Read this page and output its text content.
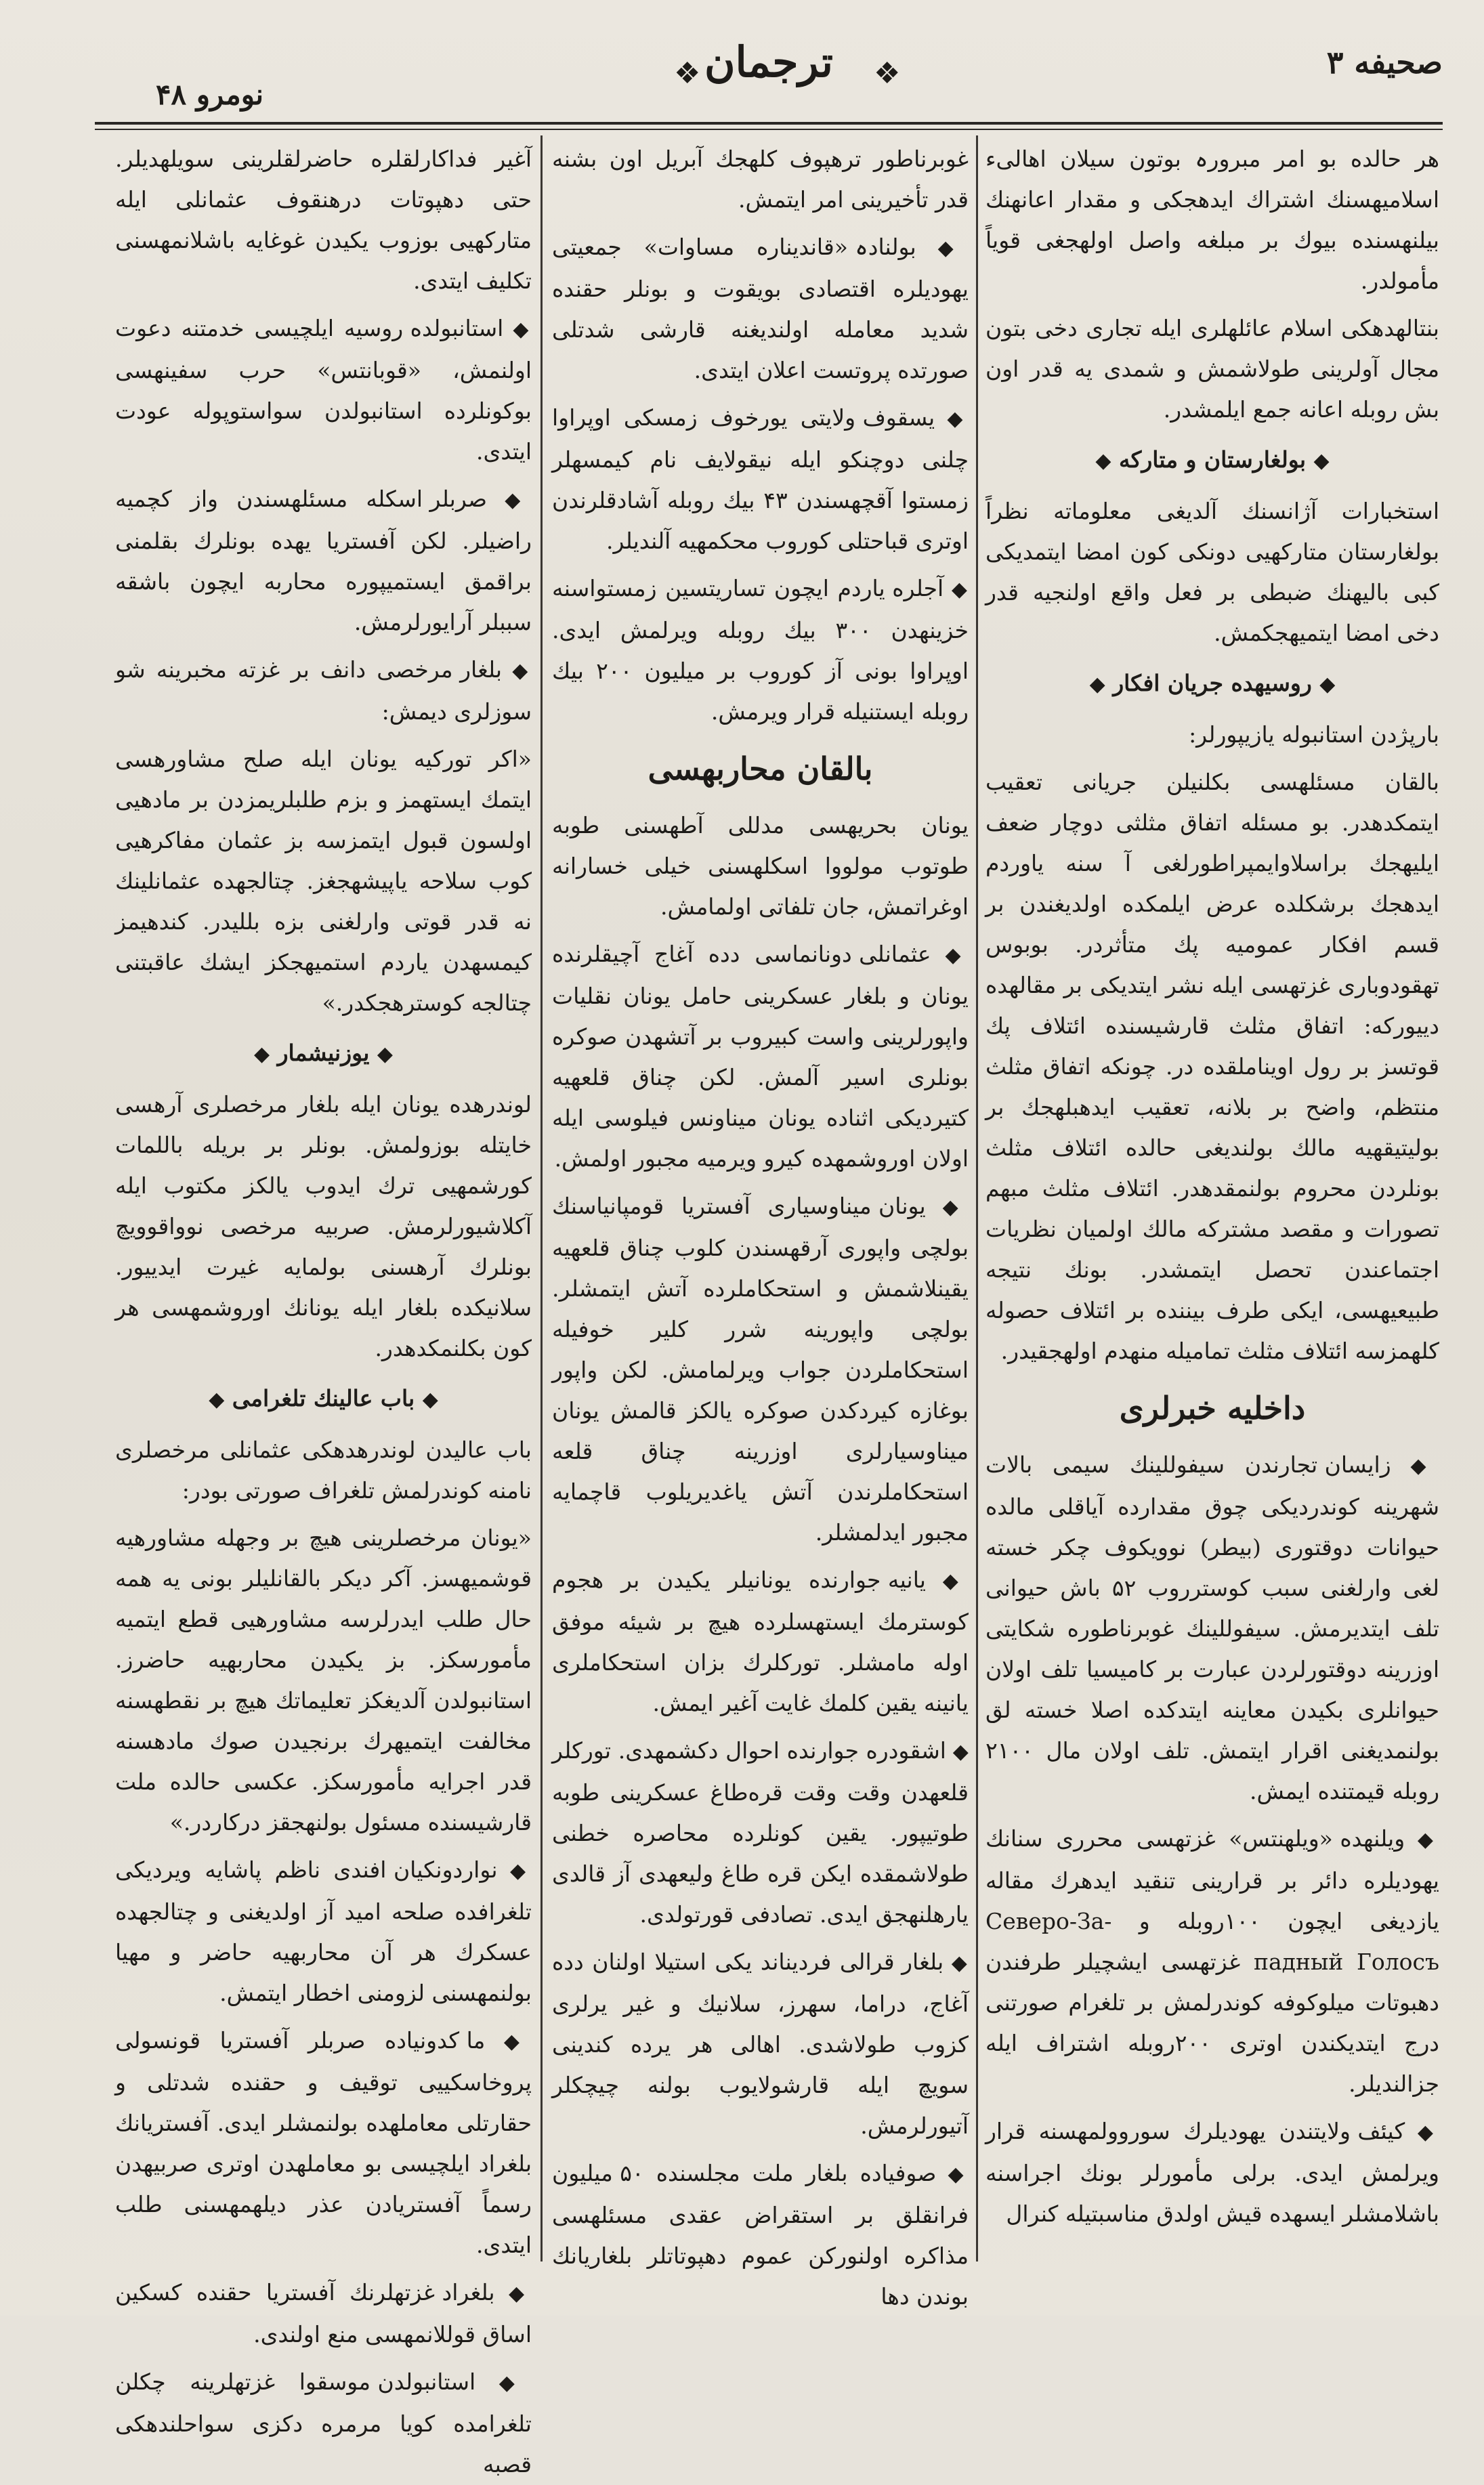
صحیفه ۳
❖ ترجمان	❖
نومرو ۴۸

هر حالده بو امر مبرورہ بوتون سیلان اهالیء اسلامیهسنك اشتراك ایدهجکی و مقدار اعانهنك بیلنهسنده بیوك بر مبلغه واصل اولهجغی قویاً مأمولدر.

بنتالهدهکی اسلام عائلهلری ایله تجاری دخی بتون مجال آولرینی طولاشمش و شمدی یه قدر اون بش روبله اعانه جمع ایلمشدر.

◆ بولغارستان و متارکه ◆

استخبارات آژانسنك آلدیغی معلوماته نظراً بولغارستان متارکهیی دونکی کون امضا ایتمدیکی کبی بالیهنك ضبطی بر فعل واقع اولنجیه قدر دخی امضا ایتمیهجکمش.

◆ روسیهده جریان افکار ◆

بارپژدن استانبوله یازیپورلر:

بالقان مسئلهسی بکلنیلن جریانی تعقیب ایتمکدهدر. بو مسئله اتفاق مثلثی دوچار ضعف ایلیهجك براسلاوایمپراطورلغی آ سنه یاوردم ایدهجك برشکلده عرض ایلمکده اولدیغندن بر قسم افکار عمومیه پك متأثردر. بوبوس تهقودوباری غزتهسی ایله نشر ایتدیکی بر مقالهده دییورکه: اتفاق مثلث قارشیسنده ائتلاف پك قوتسز بر رول اویناملقده در. چونکه اتفاق مثلث منتظم، واضح بر بلانه، تعقیب ایدهبلهجك بر بولیتیقهیه مالك بولندیغی حالده ائتلاف مثلث بونلردن محروم بولنمقدهدر. ائتلاف مثلث مبهم تصورات و مقصد مشترکه مالك اولمیان نظریات اجتماعندن تحصل ایتمشدر. بونك نتیجه طبیعیهسی، ایکی طرف بیننده بر ائتلاف حصوله کلهمزسه ائتلاف مثلث تمامیله منهدم اولهجقیدر.

داخلیه خبرلری

◆ زایسان تجارندن سیفوللینك سیمی بالات شهرینه کوندردیکی چوق مقدارده آیاقلی مالده حیوانات دوقتوری (بیطر) نوویکوف چکر خسته لغی وارلغنی سبب کوسترروب ۵۲ باش حیوانی تلف ایتدیرمش. سیفوللینك غوبرناطوره شکایتی اوزرینه دوقتورلردن عبارت بر کامیسیا تلف اولان حیوانلری بکیدن معاینه ایتدکده اصلا خسته لق بولنمدیغنی اقرار ایتمش. تلف اولان مال ۲۱۰۰ روبله قیمتنده ایمش.

◆ ویلنهده «ویلهنتس» غزتهسی محرری سنانك یهودیلره دائر بر قرارینی تنقید ایدهرك مقاله یازدیغی ایچون ۱۰۰روبله و Северо-За- падный Голосъ غزتهسی ایشچیلر طرفندن دهبوتات میلوکوفه کوندرلمش بر تلغرام صورتنی درج ایتدیکندن اوتری ۲۰۰روبله اشتراف ایله جزالندیلر.

◆ کیئف ولایتندن یهودیلرك سوروولمهسنه قرار ویرلمش ایدی. برلی مأمورلر بونك اجراسنه باشلامشلر ایسهده قیش اولدق مناسبتیله کنرال

غوبرناطور ترهپوف کلهجك آبریل اون بشنه قدر تأخیرینی امر ایتمش.

◆ بولنادہ «قاندیناره مساوات» جمعیتی یهودیلره اقتصادی بویقوت و بونلر حقنده شدید معامله اولندیغنه قارشی شدتلی صورتده پروتست اعلان ایتدی.

◆ یسقوف ولایتی یورخوف زمسکی اوپراوا چلنی دوچنکو ایله نیقولایف نام کیمسهلر زمستوا آقچهسندن ۴۳ بیك روبله آشادقلرندن اوتری قباحتلی کوروب محکمهیه آلندیلر.

◆ آجلره یاردم ایچون تساریتسین زمستواسنه خزینهدن ۳۰۰ بیك روبله ویرلمش ایدی. اوپراوا بونی آز کوروب بر میلیون ۲۰۰ بیك روبله ایستنیله قرار ویرمش.

بالقان محاربهسی

یونان بحریهسی مدللی آطهسنی طوبه طوتوب مولووا اسکلهسنی خیلی خسارانه اوغراتمش، جان تلفاتی اولمامش.

◆ عثمانلی دونانماسی دده آغاج آچیقلرنده یونان و بلغار عسکرینی حامل یونان نقلیات واپورلرینی واست کبیروب بر آتشهدن صوکره بونلری اسیر آلمش. لکن چناق قلعهیه کتیردیکی اثناده یونان میناونس فیلوسی ایله اولان اوروشمهده کیرو ویرمیه مجبور اولمش.

◆ یونان میناوسیاری آفستریا قومپانیاسنك بولچی واپوری آرقهسندن کلوب چناق قلعهیه یقینلاشمش و استحکاملرده آتش ایتمشلر. بولچی واپورینه شرر کلیر خوفیله استحکاملردن جواب ویرلمامش. لکن واپور بوغازه کیردکدن صوکره یالکز قالمش یونان میناوسیارلری اوزرینه چناق قلعه استحکاملرندن آتش یاغدیریلوب قاچمایه مجبور ایدلمشلر.

◆ یانیه جوارنده یونانیلر یکیدن بر هجوم کوسترمك ایستهسلرده هیچ بر شیئه موفق اوله مامشلر. تورکلرك بزان استحکاملری یانینه یقین کلمك غایت آغیر ایمش.

◆ اشقودره جوارنده احوال دکشمهدی. تورکلر قلعهدن وقت وقت قره‌طاغ عسکرینی طوبه طوتیپور. یقین کونلرده محاصره خطنی طولاشمقده ایکن قره طاغ ولیعهدی آز قالدی یارهلنهجق ایدی. تصادفی قورتولدی.

◆ بلغار قرالی فردیناند یکی استیلا اولنان دده آغاج، دراما، سهرز، سلانیك و غیر یرلری کزوب طولاشدی. اهالی هر یرده کندینی سویچ ایله قارشولایوب بولنه چیچکلر آتیورلرمش.

◆ صوفیاده بلغار ملت مجلسنده ۵۰ میلیون فرانقلق بر استقراض عقدی مسئلهسی مذاکره اولنورکن عموم دهپوتاتلر بلغاریانك بوندن دها

آغیر فداکارلقلره حاضرلقلرینی سویلهدیلر. حتی دهپوتات درهنقوف عثمانلی ایله متارکهیی بوزوب یکیدن غوغایه باشلانمهسنی تکلیف ایتدی.

◆ استانبولده روسیه ایلچیسی خدمتنه دعوت اولنمش، «قوبانتس» حرب سفینهسی بوکونلرده استانبولدن سواستوپوله عودت ایتدی.

◆ صربلر اسکله مسئلهسندن واز کچمیه راضیلر. لکن آفستریا یهده بونلرك بقلمنی براقمق ایستمیپوره محاربه ایچون باشقه سببلر آرایورلرمش.

◆ بلغار مرخصی دانف بر غزته مخبرینه شو سوزلری دیمش:

«اکر تورکیه یونان ایله صلح مشاورهسی ایتمك ایستهمز و بزم طلبلریمزدن بر مادهیی اولسون قبول ایتمزسه بز عثمان مفاکرهیی کوب سلاحه یاپیشهجغز. چتالجهده عثمانلینك نه قدر قوتی وارلغنی بزه بللیدر. کندهیمز کیمسهدن یاردم استمیهجکز ایشك عاقبتنی چتالجه کوسترهجکدر.»

◆ یوزنیشمار ◆

لوندرهده یونان ایله بلغار مرخصلری آرهسی خایتله بوزولمش. بونلر بر بریله باللمات کورشمهیی ترك ایدوب یالکز مکتوب ایله آکلاشیورلرمش. صربیه مرخصی نوواقوویچ بونلرك آرهسنی بولمایه غیرت ایدییور. سلانیکده بلغار ایله یونانك اوروشمهسی هر کون بکلنمکدهدر.

◆ باب عالینك تلغرامی ◆

باب عالیدن لوندرهدهکی عثمانلی مرخصلری نامنه کوندرلمش تلغراف صورتی بودر:

«یونان مرخصلرینی هیچ بر وجهله مشاورهیه قوشمیهسز. آکر دیکر بالقانلیلر بونی یه همه حال طلب ایدرلرسه مشاورهیی قطع ایتمیه مأمورسکز. بز یکیدن محاربهیه حاضرز. استانبولدن آلدیغکز تعلیماتك هیچ بر نقطهسنه مخالفت ایتمیهرك برنجیدن صوك مادهسنه قدر اجرایه مأمورسکز. عکسی حالده ملت قارشیسنده مسئول بولنهجقز درکاردر.»

◆ نواردونکیان افندی ناظم پاشایه ویردیکی تلغرافده صلحه امید آز اولدیغنی و چتالجهده عسکرك هر آن محاربهیه حاضر و مهیا بولنمهسنی لزومنی اخطار ایتمش.

◆ ما کدونیاده صربلر آفستریا قونسولی پروخاسکییی توقیف و حقنده شدتلی و حقارتلی معاملهده بولنمشلر ایدی. آفستریانك بلغراد ایلچیسی بو معاملهدن اوتری صربیهدن رسماً آفستریادن عذر دیلهمهسنی طلب ایتدی.

◆ بلغراد غزتهلرنك آفستریا حقنده کسکین اساق قوللانمهسی منع اولندی.

◆ استانبولدن موسقوا غزتهلرینه چکلن تلغرامده کویا مرمره دکزی سواحلندهکی قصبه
